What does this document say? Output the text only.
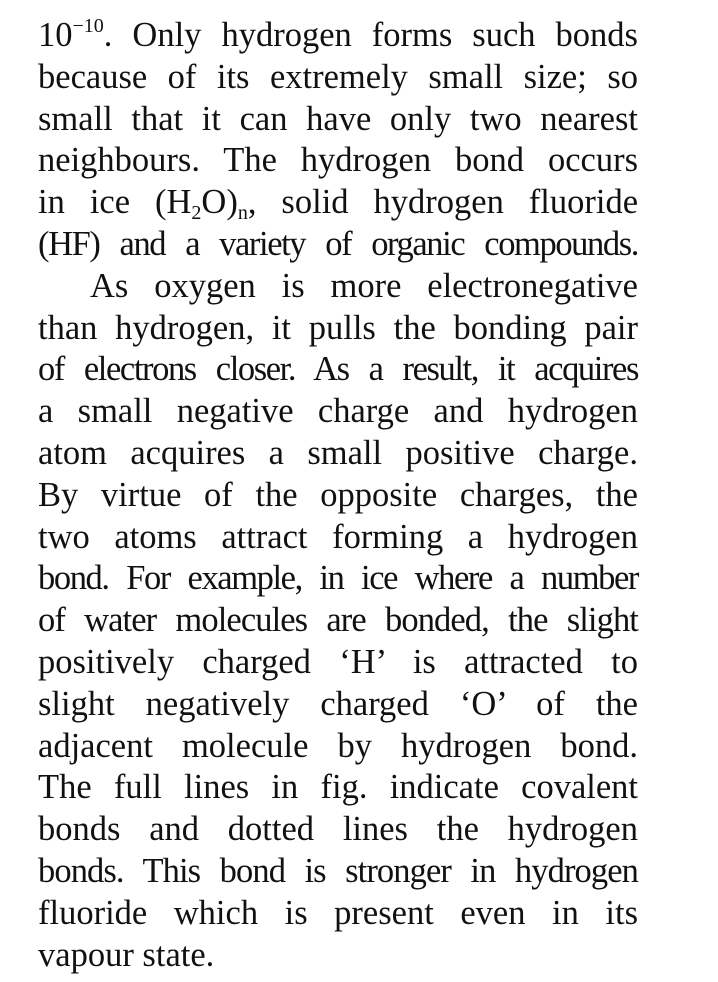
$10^{-10}$. Only hydrogen forms such bonds
because of its extremely small size; so
small that it can have only two nearest
neighbours. The hydrogen bond occurs
in ice $(H_2O)_n$, solid hydrogen fluoride
(HF) and a variety of organic compounds.
As oxygen is more electronegative
than hydrogen, it pulls the bonding pair
of electrons closer. As a result, it acquires
a small negative charge and hydrogen
atom acquires a small positive charge.
By virtue of the opposite charges, the
two atoms attract forming a hydrogen
bond. For example, in ice where a number
of water molecules are bonded, the slight
positively charged ‘H’ is attracted to
slight negatively charged ‘O’ of the
adjacent molecule by hydrogen bond.
The full lines in fig. indicate covalent
bonds and dotted lines the hydrogen
bonds. This bond is stronger in hydrogen
fluoride which is present even in its
vapour state.
